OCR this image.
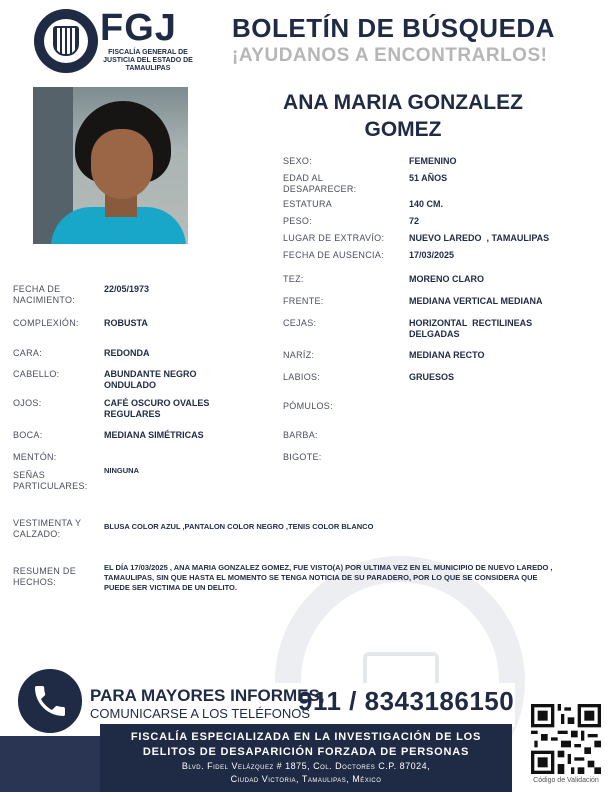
FGJ
FISCALÍA GENERAL DE JUSTICIA DEL ESTADO DE TAMAULIPAS
BOLETÍN DE BÚSQUEDA
¡AYUDANOS A ENCONTRARLOS!
ANA MARIA GONZALEZ GOMEZ
SEXO:	FEMENINO
EDAD AL DESAPARECER:
51 AÑOS
ESTATURA	140 CM.
PESO:	72
LUGAR DE EXTRAVÍO:	NUEVO LAREDO  , TAMAULIPAS
FECHA DE AUSENCIA:	17/03/2025
TEZ:	MORENO CLARO
FRENTE:	MEDIANA VERTICAL MEDIANA
CEJAS:	HORIZONTAL  RECTILINEAS DELGADAS
NARÍZ:	MEDIANA RECTO
LABIOS:	GRUESOS
PÓMULOS:
BARBA:
BIGOTE:
FECHA DE NACIMIENTO:
22/05/1973
COMPLEXIÓN:	ROBUSTA
CARA:	REDONDA
CABELLO:	ABUNDANTE NEGRO ONDULADO
OJOS:	CAFÉ OSCURO OVALES REGULARES
BOCA:	MEDIANA SIMÉTRICAS
MENTÓN:
SEÑAS PARTICULARES:
NINGUNA
VESTIMENTA Y CALZADO:
BLUSA COLOR AZUL ,PANTALON COLOR NEGRO ,TENIS COLOR BLANCO
RESUMEN DE HECHOS:
EL DÍA 17/03/2025 , ANA MARIA GONZALEZ GOMEZ, FUE VISTO(A) POR ULTIMA VEZ EN EL MUNICIPIO DE NUEVO LAREDO , TAMAULIPAS, SIN QUE HASTA EL MOMENTO SE TENGA NOTICIA DE SU PARADERO, POR LO QUE SE CONSIDERA QUE PUEDE SER VICTIMA DE UN DELITO.
PARA MAYORES INFORMES,
COMUNICARSE A LOS TELÉFONOS
911 / 8343186150
FISCALÍA ESPECIALIZADA EN LA INVESTIGACIÓN DE LOS
DELITOS DE DESAPARICIÓN FORZADA DE PERSONAS
Blvd. Fidel Velázquez # 1875, Col. Doctores C.P. 87024,
Ciudad Victoria, Tamaulipas, México	Código de Validación
